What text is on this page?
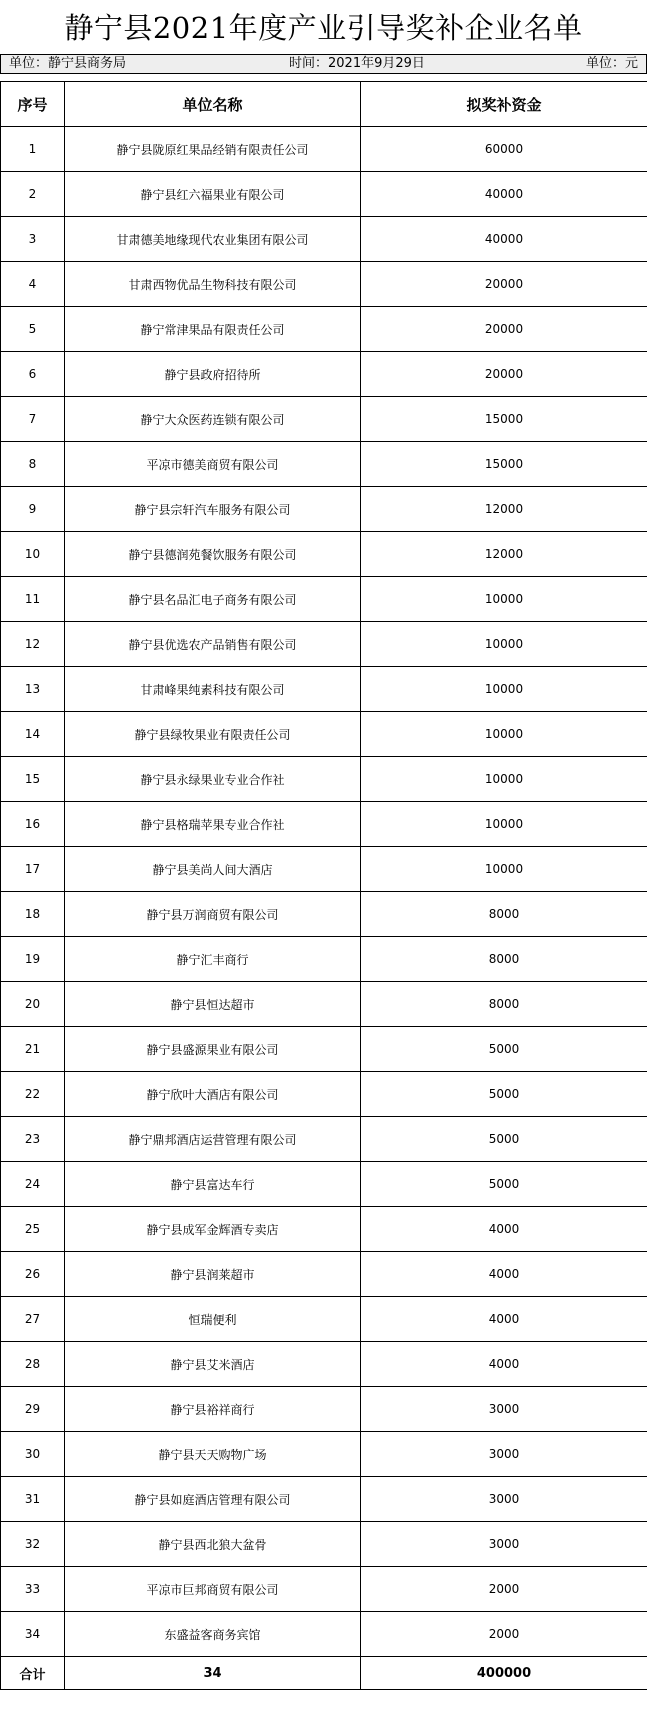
静宁县2021年度产业引导奖补企业名单
单位：静宁县商务局	时间：2021年9月29日	单位：元
序号	单位名称	拟奖补资金
1	静宁县陇原红果品经销有限责任公司	60000
2	静宁县红六福果业有限公司	40000
3	甘肃德美地缘现代农业集团有限公司	40000
4	甘肃西物优品生物科技有限公司	20000
5	静宁常津果品有限责任公司	20000
6	静宁县政府招待所	20000
7	静宁大众医药连锁有限公司	15000
8	平凉市德美商贸有限公司	15000
9	静宁县宗轩汽车服务有限公司	12000
10	静宁县德润苑餐饮服务有限公司	12000
11	静宁县名品汇电子商务有限公司	10000
12	静宁县优选农产品销售有限公司	10000
13	甘肃峰果纯素科技有限公司	10000
14	静宁县绿牧果业有限责任公司	10000
15	静宁县永绿果业专业合作社	10000
16	静宁县格瑞苹果专业合作社	10000
17	静宁县美尚人间大酒店	10000
18	静宁县万润商贸有限公司	8000
19	静宁汇丰商行	8000
20	静宁县恒达超市	8000
21	静宁县盛源果业有限公司	5000
22	静宁欣叶大酒店有限公司	5000
23	静宁鼎邦酒店运营管理有限公司	5000
24	静宁县富达车行	5000
25	静宁县成军金辉酒专卖店	4000
26	静宁县润莱超市	4000
27	恒瑞便利	4000
28	静宁县艾米酒店	4000
29	静宁县裕祥商行	3000
30	静宁县天天购物广场	3000
31	静宁县如庭酒店管理有限公司	3000
32	静宁县西北狼大盆骨	3000
33	平凉市巨邦商贸有限公司	2000
34	东盛益客商务宾馆	2000
合计	34	400000
